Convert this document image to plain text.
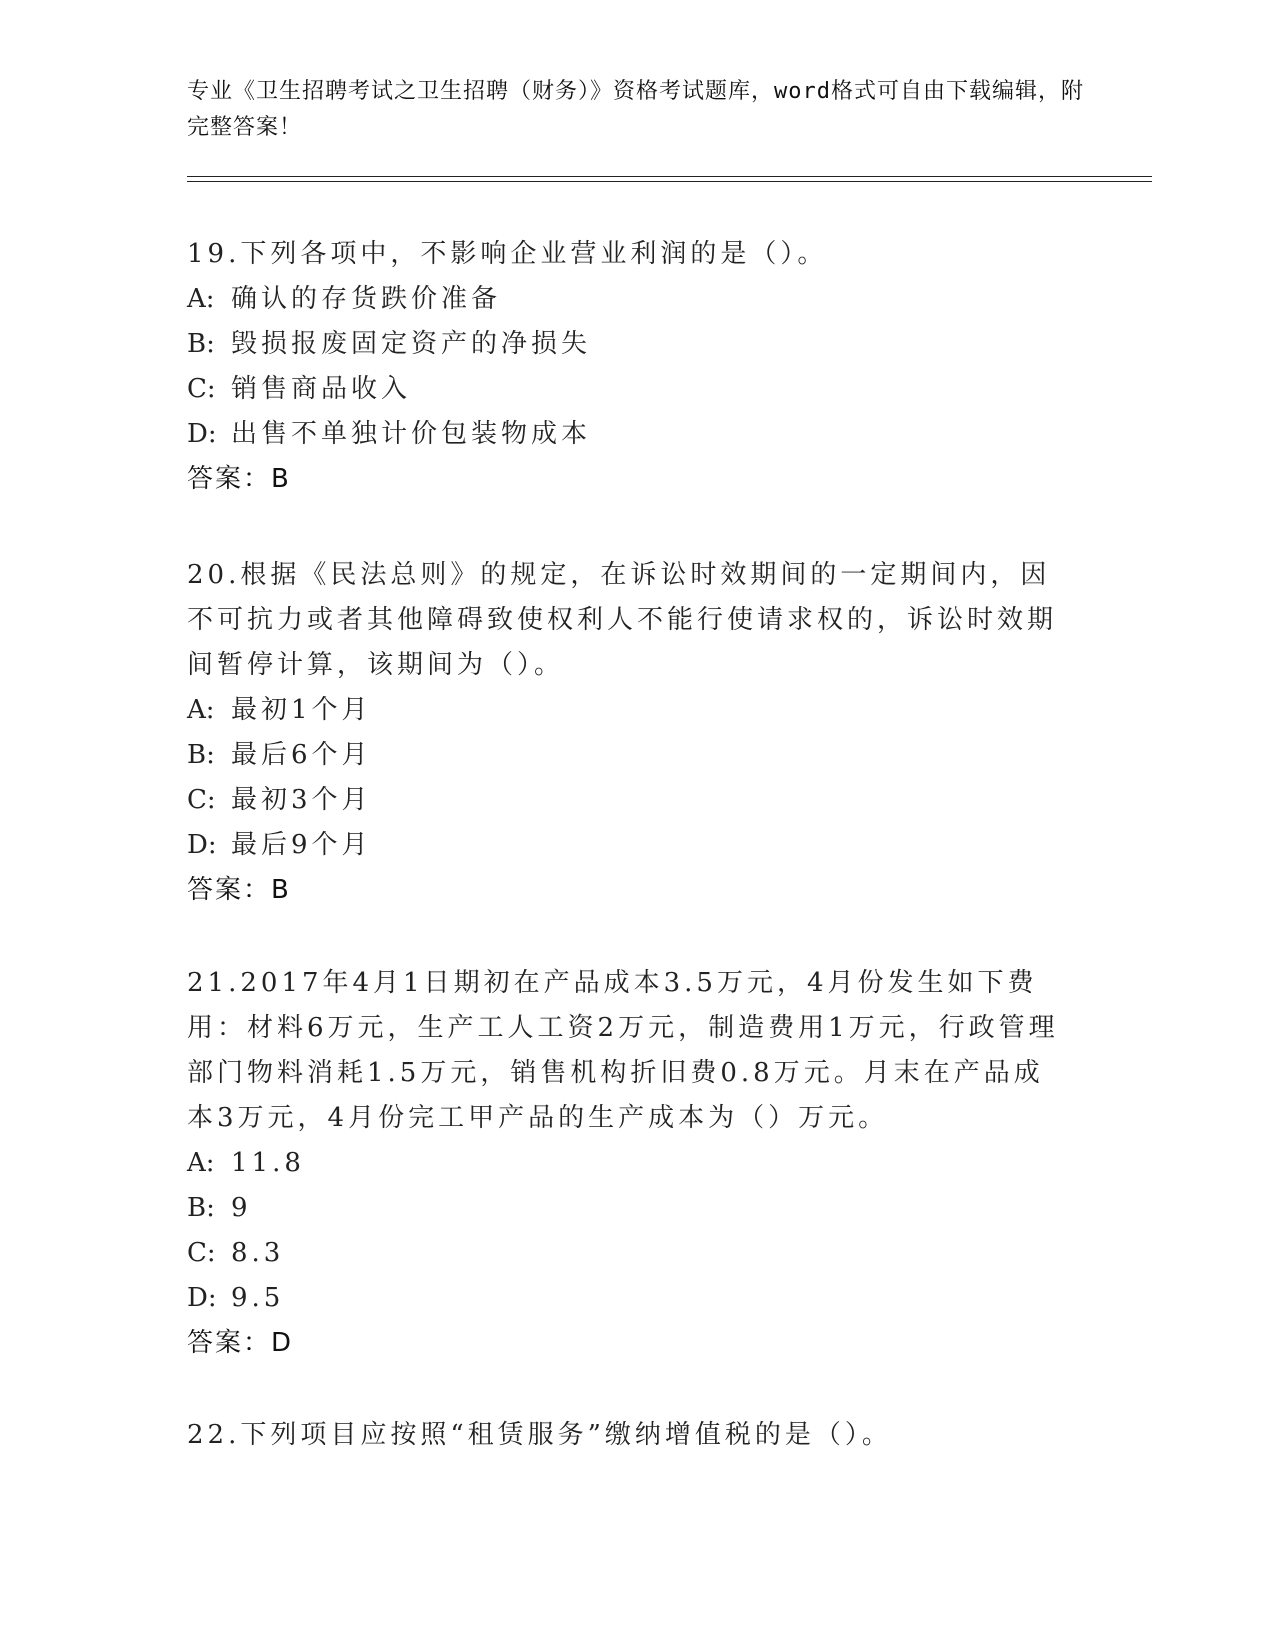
专业《卫生招聘考试之卫生招聘（财务）》资格考试题库，word格式可自由下载编辑，附完整答案！

19.下列各项中，不影响企业营业利润的是（）。

A: 确认的存货跌价准备

B: 毁损报废固定资产的净损失

C: 销售商品收入

D: 出售不单独计价包装物成本

答案：B

20.根据《民法总则》的规定，在诉讼时效期间的一定期间内，因不可抗力或者其他障碍致使权利人不能行使请求权的，诉讼时效期间暂停计算，该期间为（）。

A: 最初1个月

B: 最后6个月

C: 最初3个月

D: 最后9个月

答案：B

21.2017年4月1日期初在产品成本3.5万元，4月份发生如下费用：材料6万元，生产工人工资2万元，制造费用1万元，行政管理部门物料消耗1.5万元，销售机构折旧费0.8万元。月末在产品成本3万元，4月份完工甲产品的生产成本为（）万元。

A: 11.8

B: 9

C: 8.3

D: 9.5

答案：D

22.下列项目应按照“租赁服务”缴纳增值税的是（）。
